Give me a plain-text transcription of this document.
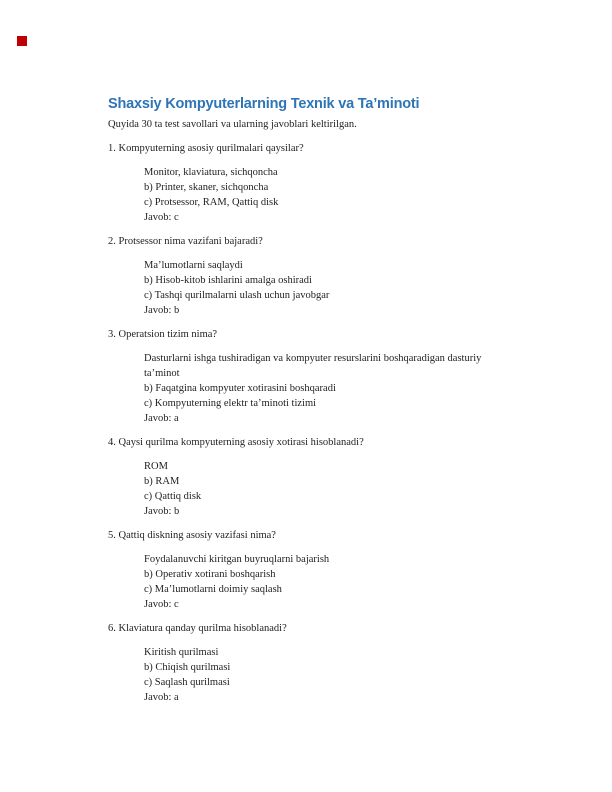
Shaxsiy Kompyuterlarning Texnik va Ta’minoti

Quyida 30 ta test savollari va ularning javoblari keltirilgan.

1. Kompyuterning asosiy qurilmalari qaysilar?

Monitor, klaviatura, sichqoncha

b) Printer, skaner, sichqoncha

c) Protsessor, RAM, Qattiq disk

Javob: c

2. Protsessor nima vazifani bajaradi?

Ma’lumotlarni saqlaydi

b) Hisob-kitob ishlarini amalga oshiradi

c) Tashqi qurilmalarni ulash uchun javobgar

Javob: b

3. Operatsion tizim nima?

Dasturlarni ishga tushiradigan va kompyuter resurslarini boshqaradigan dasturiy ta’minot

b) Faqatgina kompyuter xotirasini boshqaradi

c) Kompyuterning elektr ta’minoti tizimi

Javob: a

4. Qaysi qurilma kompyuterning asosiy xotirasi hisoblanadi?

ROM

b) RAM

c) Qattiq disk

Javob: b

5. Qattiq diskning asosiy vazifasi nima?

Foydalanuvchi kiritgan buyruqlarni bajarish

b) Operativ xotirani boshqarish

c) Ma’lumotlarni doimiy saqlash

Javob: c

6. Klaviatura qanday qurilma hisoblanadi?

Kiritish qurilmasi

b) Chiqish qurilmasi

c) Saqlash qurilmasi

Javob: a
